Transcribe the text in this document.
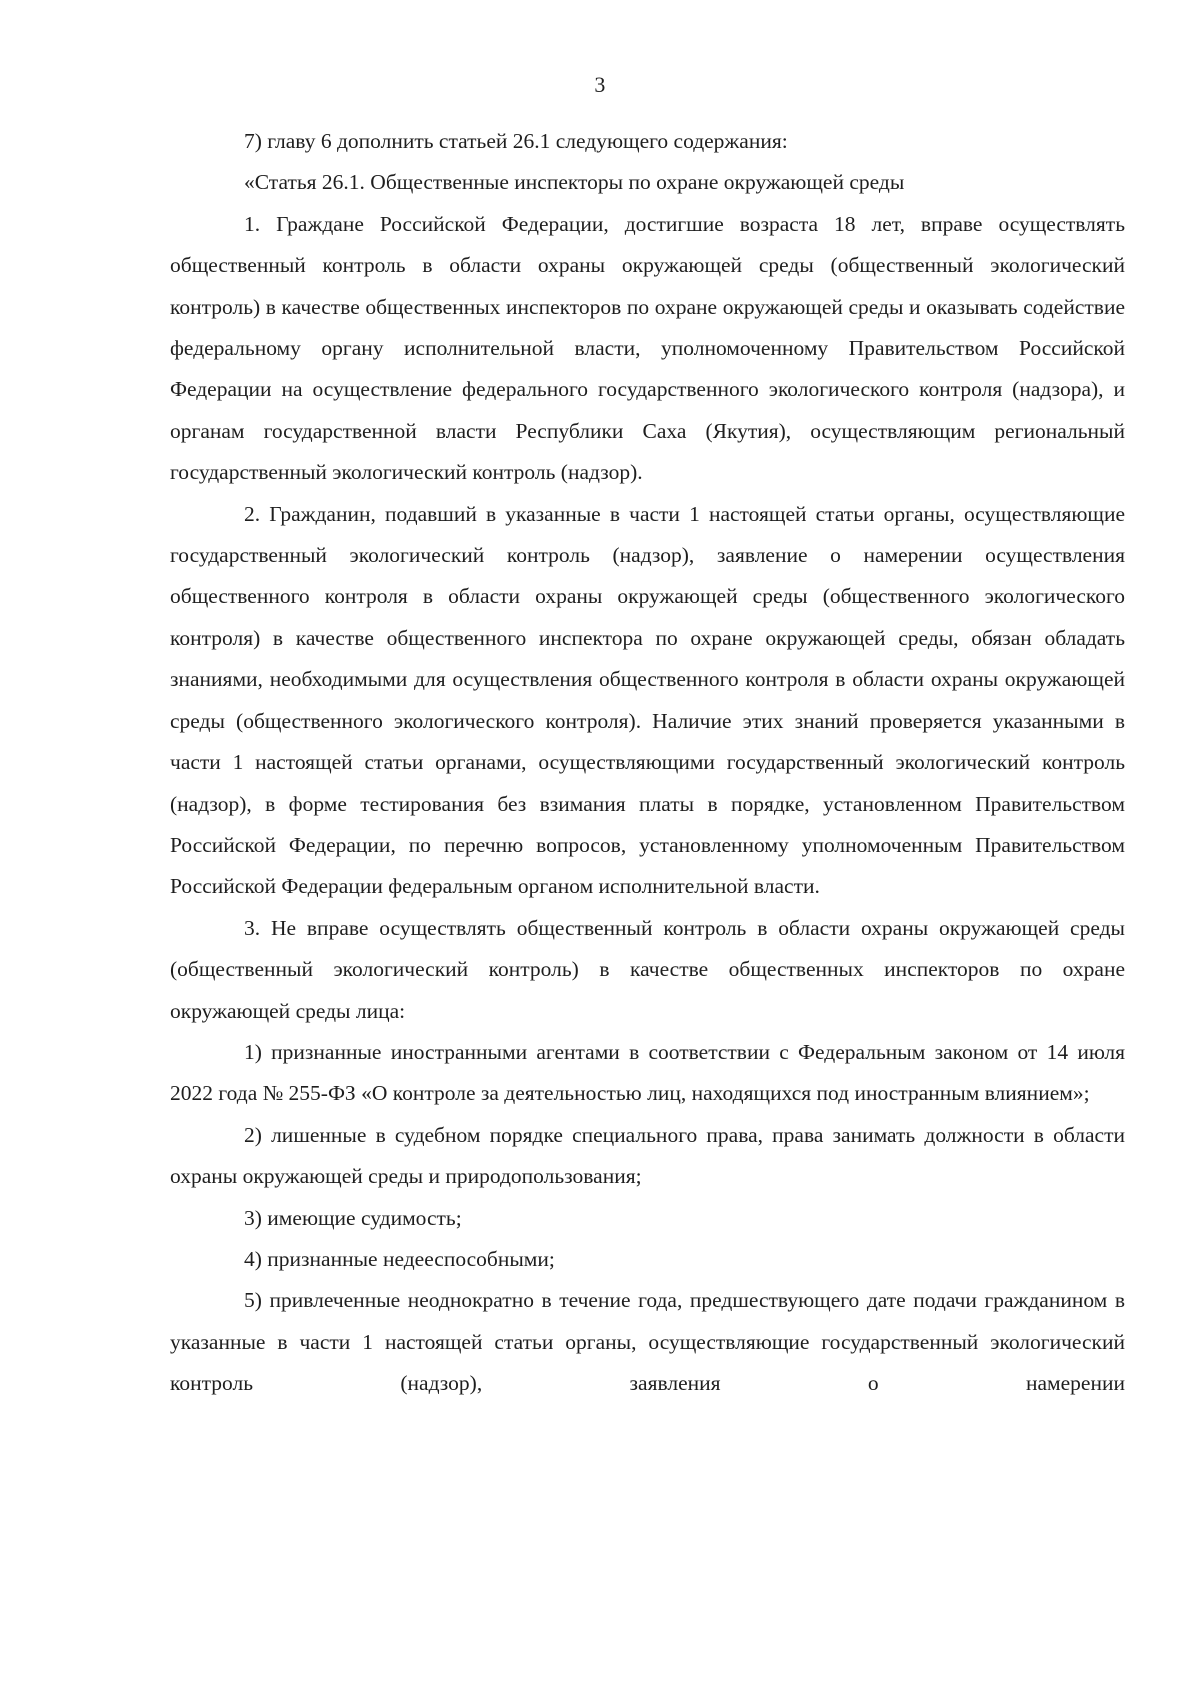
3

7) главу 6 дополнить статьей 26.1 следующего содержания:

«Статья 26.1. Общественные инспекторы по охране окружающей среды

1. Граждане Российской Федерации, достигшие возраста 18 лет, вправе осуществлять общественный контроль в области охраны окружающей среды (общественный экологический контроль) в качестве общественных инспекторов по охране окружающей среды и оказывать содействие федеральному органу исполнительной власти, уполномоченному Правительством Российской Федерации на осуществление федерального государственного экологического контроля (надзора), и органам государственной власти Республики Саха (Якутия), осуществляющим региональный государственный экологический контроль (надзор).

2. Гражданин, подавший в указанные в части 1 настоящей статьи органы, осуществляющие государственный экологический контроль (надзор), заявление о намерении осуществления общественного контроля в области охраны окружающей среды (общественного экологического контроля) в качестве общественного инспектора по охране окружающей среды, обязан обладать знаниями, необходимыми для осуществления общественного контроля в области охраны окружающей среды (общественного экологического контроля). Наличие этих знаний проверяется указанными в части 1 настоящей статьи органами, осуществляющими государственный экологический контроль (надзор), в форме тестирования без взимания платы в порядке, установленном Правительством Российской Федерации, по перечню вопросов, установленному уполномоченным Правительством Российской Федерации федеральным органом исполнительной власти.

3. Не вправе осуществлять общественный контроль в области охраны окружающей среды (общественный экологический контроль) в качестве общественных инспекторов по охране окружающей среды лица:

1) признанные иностранными агентами в соответствии с Федеральным законом от 14 июля 2022 года № 255-ФЗ «О контроле за деятельностью лиц, находящихся под иностранным влиянием»;

2) лишенные в судебном порядке специального права, права занимать должности в области охраны окружающей среды и природопользования;

3) имеющие судимость;

4) признанные недееспособными;

5) привлеченные неоднократно в течение года, предшествующего дате подачи гражданином в указанные в части 1 настоящей статьи органы, осуществляющие государственный экологический контроль (надзор), заявления о намерении
